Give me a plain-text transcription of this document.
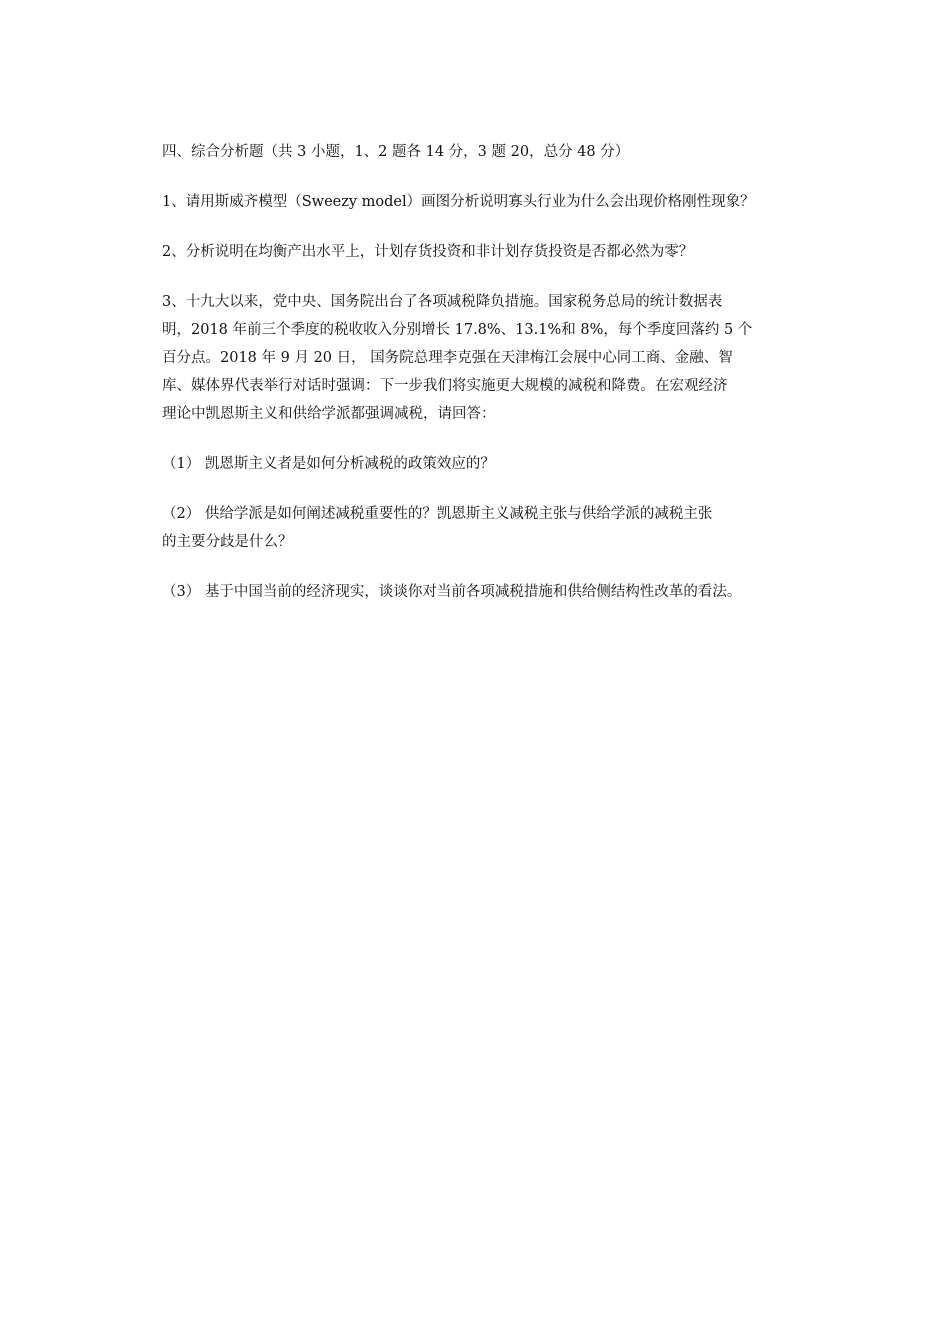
四、综合分析题（共 3 小题，1、2 题各 14 分，3 题 20，总分 48 分）

1、请用斯威齐模型（Sweezy model）画图分析说明寡头行业为什么会出现价格刚性现象？

2、分析说明在均衡产出水平上，计划存货投资和非计划存货投资是否都必然为零？

3、十九大以来，党中央、国务院出台了各项减税降负措施。国家税务总局的统计数据表
明，2018 年前三个季度的税收收入分别增长 17.8%、13.1%和 8%，每个季度回落约 5 个
百分点。2018 年 9 月 20 日， 国务院总理李克强在天津梅江会展中心同工商、金融、智
库、媒体界代表举行对话时强调：下一步我们将实施更大规模的减税和降费。在宏观经济
理论中凯恩斯主义和供给学派都强调减税，请回答：

（1） 凯恩斯主义者是如何分析减税的政策效应的？

（2） 供给学派是如何阐述减税重要性的？凯恩斯主义减税主张与供给学派的减税主张
的主要分歧是什么？

（3） 基于中国当前的经济现实，谈谈你对当前各项减税措施和供给侧结构性改革的看法。
